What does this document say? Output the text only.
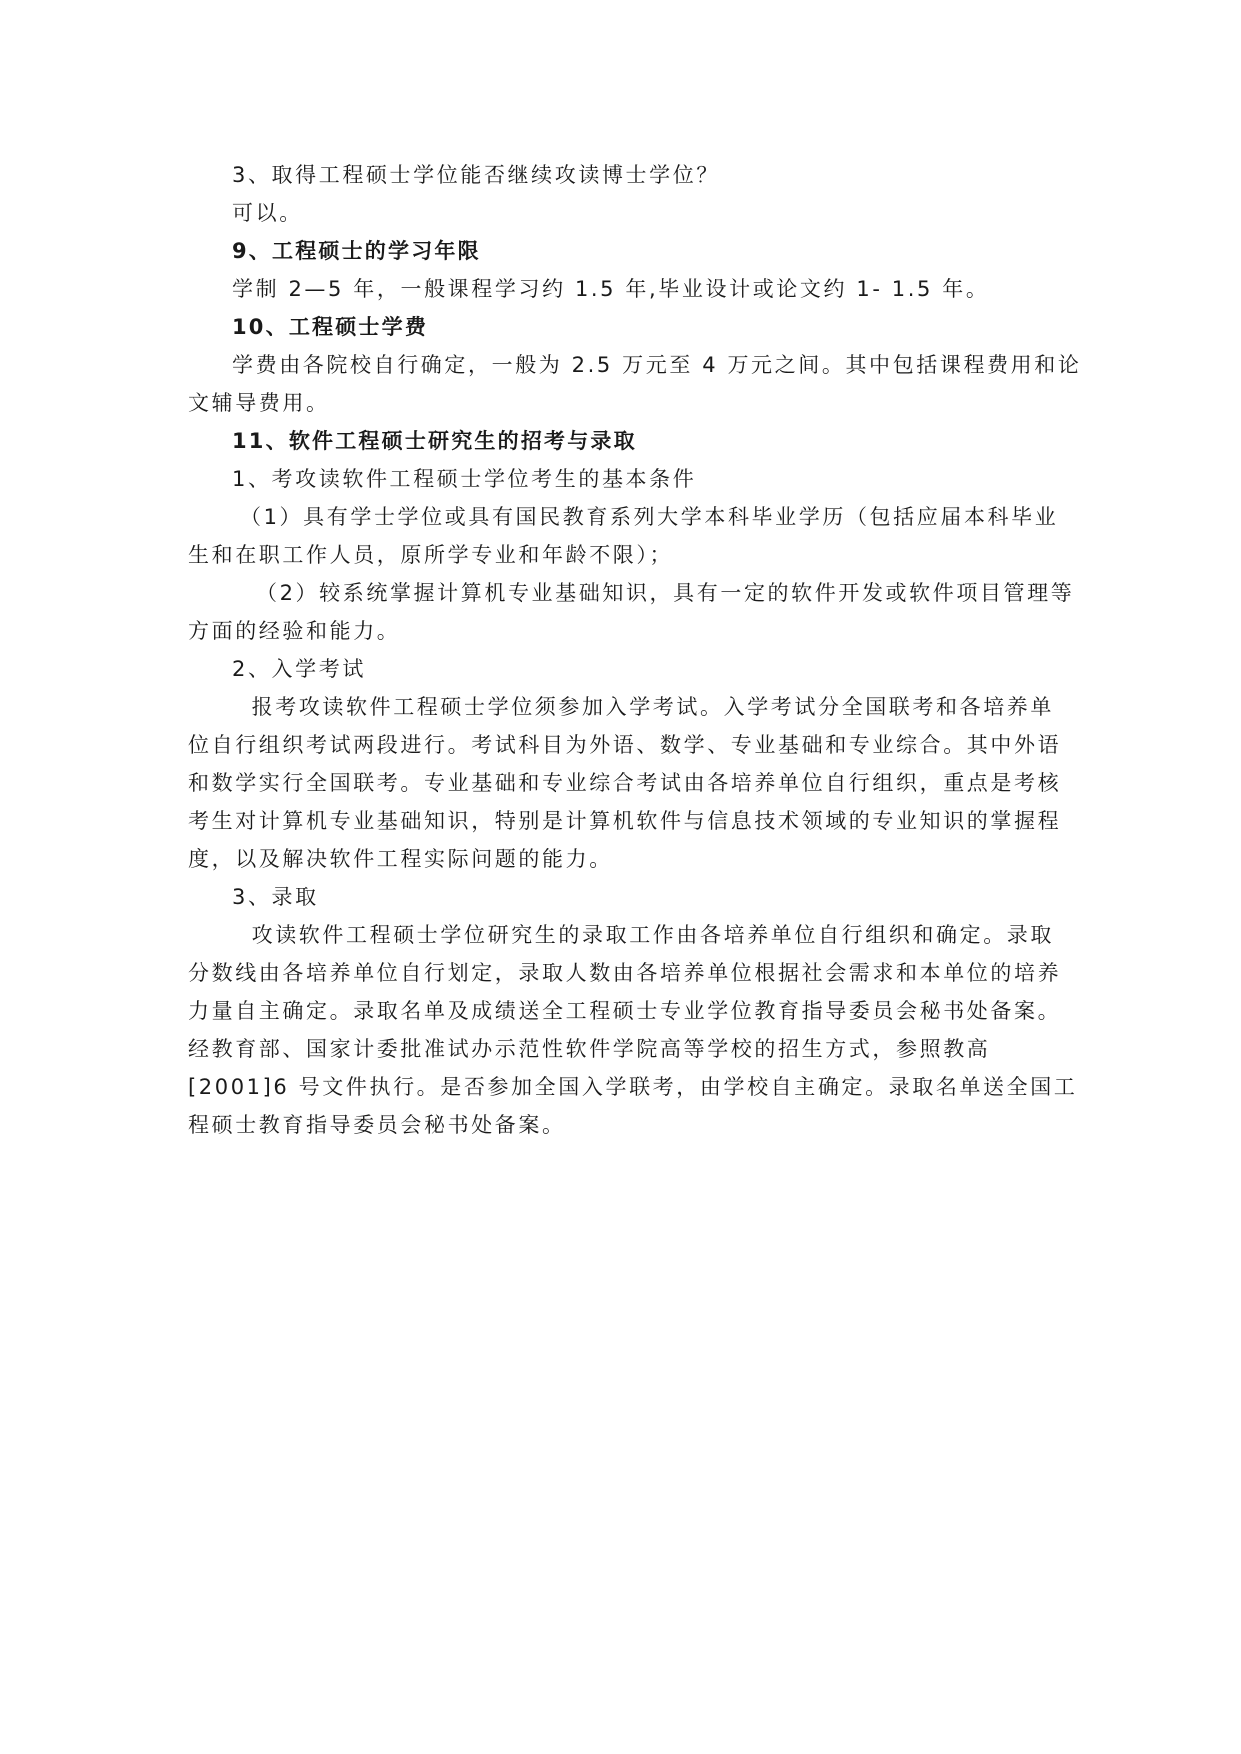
3、取得工程硕士学位能否继续攻读博士学位？
可以。
9、工程硕士的学习年限
学制 2—5 年，一般课程学习约 1.5 年,毕业设计或论文约 1- 1.5 年。
10、工程硕士学费
学费由各院校自行确定，一般为 2.5 万元至 4 万元之间。其中包括课程费用和论
文辅导费用。
11、软件工程硕士研究生的招考与录取
1、考攻读软件工程硕士学位考生的基本条件
（1）具有学士学位或具有国民教育系列大学本科毕业学历（包括应届本科毕业
生和在职工作人员，原所学专业和年龄不限）；
（2）较系统掌握计算机专业基础知识，具有一定的软件开发或软件项目管理等
方面的经验和能力。
2、入学考试
　报考攻读软件工程硕士学位须参加入学考试。入学考试分全国联考和各培养单
位自行组织考试两段进行。考试科目为外语、数学、专业基础和专业综合。其中外语
和数学实行全国联考。专业基础和专业综合考试由各培养单位自行组织，重点是考核
考生对计算机专业基础知识，特别是计算机软件与信息技术领域的专业知识的掌握程
度，以及解决软件工程实际问题的能力。
3、录取
　攻读软件工程硕士学位研究生的录取工作由各培养单位自行组织和确定。录取
分数线由各培养单位自行划定，录取人数由各培养单位根据社会需求和本单位的培养
力量自主确定。录取名单及成绩送全工程硕士专业学位教育指导委员会秘书处备案。
经教育部、国家计委批准试办示范性软件学院高等学校的招生方式，参照教高
[2001]6 号文件执行。是否参加全国入学联考，由学校自主确定。录取名单送全国工
程硕士教育指导委员会秘书处备案。
